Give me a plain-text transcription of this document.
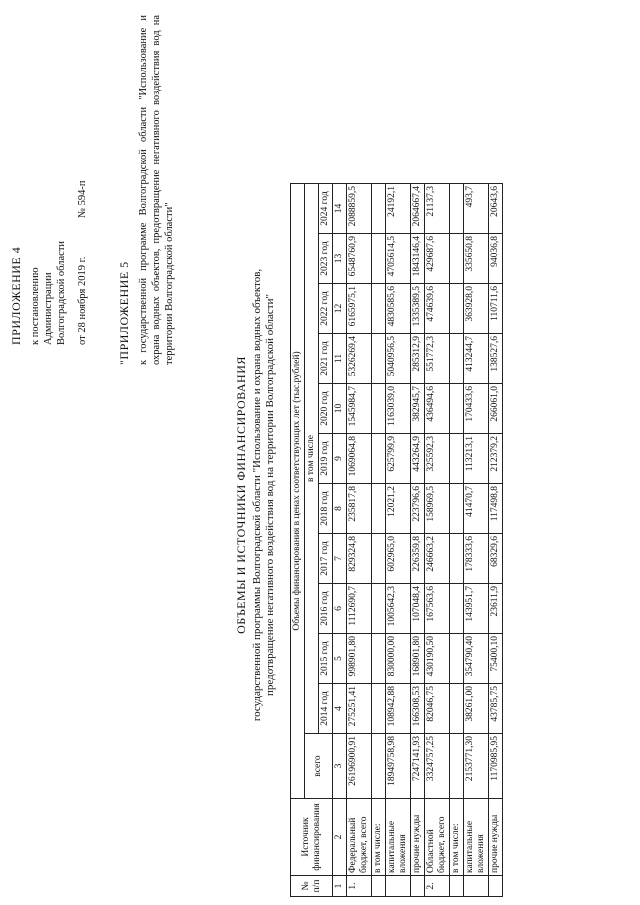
ПРИЛОЖЕНИЕ 4 к постановлению Администрации Волгоградской области от 28 ноября 2019 г. № 594-п
"ПРИЛОЖЕНИЕ 5 к государственной программе Волгоградской области "Использование и охрана водных объектов, предотвращение негативного воздействия вод на территории Волгоградской области"
ОБЪЕМЫ И ИСТОЧНИКИ ФИНАНСИРОВАНИЯ государственной программы Волгоградской области "Использование и охрана водных объектов, предотвращение негативного воздействия вод на территории Волгоградской области"
№ п/п	Источник финансирования	Объемы финансирования в ценах соответствующих лет (тыс.рублей)											
		всего	в том числе										
			2014 год	2015 год	2016 год	2017 год	2018 год	2019 год	2020 год	2021 год	2022 год	2023 год	2024 год
1	2	3	4	5	6	7	8	9	10	11	12	13	14
1.	Федеральный бюджет, всего	26196900,91	275251,41	998901,80	1112690,7	829324,8	235817,8	1069064,8	1545984,7	5326269,4	6165975,1	6548760,9	2088859,5
	в том числе:												
	капитальные вложения	18949758,98	108942,88	830000,00	1005642,3	602965,0	12021,2	625799,9	1163039,0	5040956,5	4830585,6	4705614,5	24192,1
	прочие нужды	7247141,93	166308,53	168901,80	107048,4	226359,8	223796,6	443264,9	382945,7	285312,9	1335389,5	1843146,4	2064667,4
2.	Областной бюджет, всего	3324757,25	82046,75	430190,50	167563,6	246663,2	158969,5	325592,3	436494,6	551772,3	474639,6	429687,6	21137,3
	в том числе:												
	капитальные вложения	2153771,30	38261,00	354790,40	143951,7	178333,6	41470,7	113213,1	170433,6	413244,7	363928,0	335650,8	493,7
	прочие нужды	1170985,95	43785,75	75400,10	23611,9	68329,6	117498,8	212379,2	266061,0	138527,6	110711,6	94036,8	20643,6
